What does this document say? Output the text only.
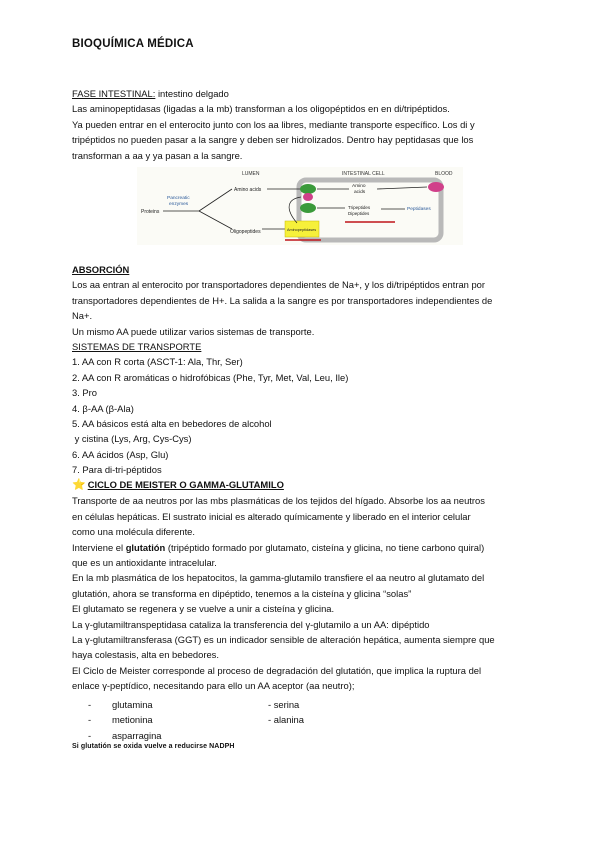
BIOQUÍMICA MÉDICA

FASE INTESTINAL: intestino delgado

Las aminopeptidasas (ligadas a la mb) transforman a los oligopéptidos en en di/tripéptidos.

Ya pueden entrar en el enterocito junto con los aa libres, mediante transporte específico. Los di y

tripéptidos no pueden pasar a la sangre y deben ser hidrolizados. Dentro hay peptidasas que los

transforman a aa y ya pasan a la sangre.

LUMEN	INTESTINAL CELL	BLOOD
Pancreatic
enzymes
Proteins
Amino acids
Oligopeptides	Aminopeptidases
Amino
acids
Tripeptides
Dipeptides
Peptidases

ABSORCIÓN

Los aa entran al enterocito por transportadores dependientes de Na+, y los di/tripéptidos entran por

transportadores dependientes de H+. La salida a la sangre es por transportadores independientes de

Na+.

Un mismo AA puede utilizar varios sistemas de transporte.

SISTEMAS DE TRANSPORTE

1. AA con R corta (ASCT-1: Ala, Thr, Ser)

2. AA con R aromáticas o hidrofóbicas (Phe, Tyr, Met, Val, Leu, Ile)

3. Pro

4. β-AA (β-Ala)

5. AA básicos está alta en bebedores de alcohol

y cistina (Lys, Arg, Cys-Cys)

6. AA ácidos (Asp, Glu)

7. Para di-tri-péptidos

⭐ CICLO DE MEISTER O GAMMA-GLUTAMILO

Transporte de aa neutros por las mbs plasmáticas de los tejidos del hígado. Absorbe los aa neutros

en células hepáticas. El sustrato inicial es alterado químicamente y liberado en el interior celular

como una molécula diferente.

Interviene el glutatión (tripéptido formado por glutamato, cisteína y glicina, no tiene carbono quiral)

que es un antioxidante intracelular.

En la mb plasmática de los hepatocitos, la gamma-glutamilo transfiere el aa neutro al glutamato del

glutatión, ahora se transforma en dipéptido, tenemos a la cisteína y glicina “solas”

El glutamato se regenera y se vuelve a unir a cisteína y glicina.

La γ-glutamiltranspeptidasa cataliza la transferencia del γ-glutamilo a un AA: dipéptido

La γ-glutamiltransferasa (GGT) es un indicador sensible de alteración hepática, aumenta siempre que

haya colestasis, alta en bebedores.

El Ciclo de Meister corresponde al proceso de degradación del glutatión, que implica la ruptura del

enlace γ-peptídico, necesitando para ello un AA aceptor (aa neutro);

- glutamina
- metionina
- asparragina
- serina
- alanina
Si glutatión se oxida vuelve a reducirse NADPH
